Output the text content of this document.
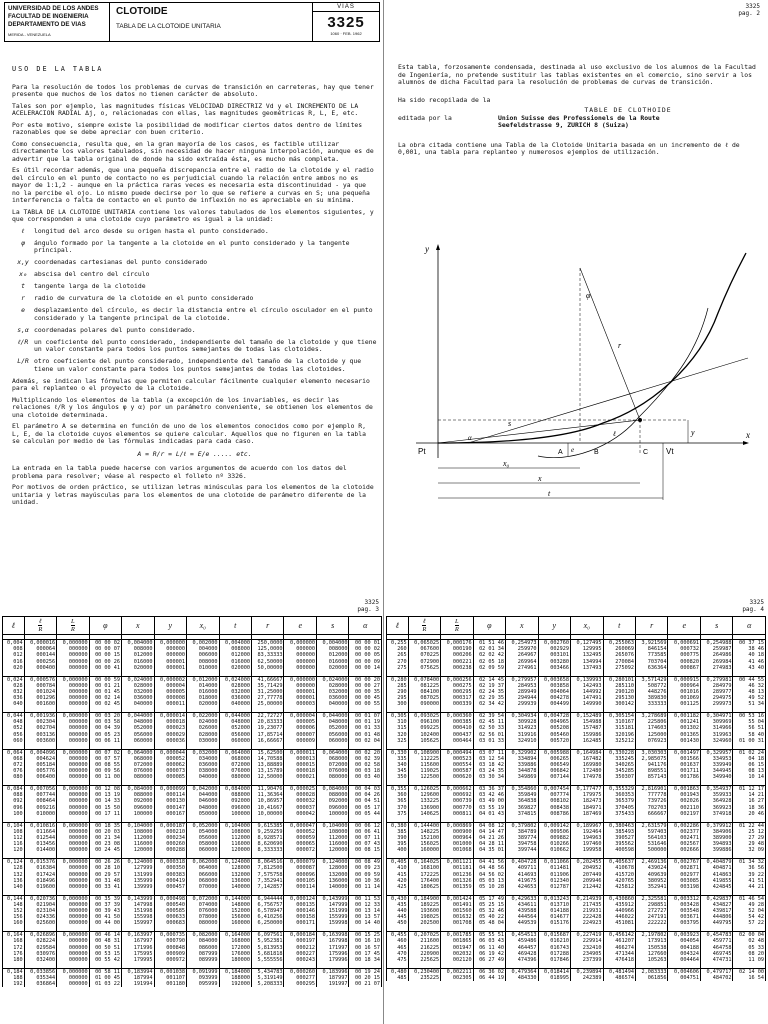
UNIVERSIDAD DE LOS ANDES
FACULTAD DE INGENIERIA
DEPARTAMENTO DE VIAS
MERIDA - VENEZUELA
CLOTOIDE
TABLA DE LA CLOTOIDE UNITARIA
VIAS
3325
1060 · FEB. 1962
USO DE LA TABLA

Para la resolución de todos los problemas de curvas de transición en carreteras, hay que tener presente que muchos de los datos no tienen carácter de absoluto.

Tales son por ejemplo, las magnitudes físicas VELOCIDAD DIRECTRIZ Vd y el INCREMENTO DE LA ACELERACION RADIAL Δj, o, relacionadas con ellas, las magnitudes geométricas R, L, E, etc.

Por este motivo, siempre existe la posibilidad de modificar ciertos datos dentro de límites razonables que se debe apreciar con buen criterio.

Como consecuencia, resulta que, en la gran mayoría de los casos, es factible utilizar directamente los valores tabulados, sin necesidad de hacer ninguna interpolación, aunque es de advertir que la tabla original de donde ha sido extraída ésta, es mucho más completa.

Es útil recordar además, que una pequeña discrepancia entre el radio de la clotoide y el radio del círculo en el punto de contacto no es perjudicial cuando la relación entre ambos no es mayor de 1:1,2 - aunque en la práctica raras veces es necesaria esta discontinuidad - ya que no la percibe el ojo. Lo mismo puede decirse por lo que se refiere a curvas en S; una pequeña interferencia o falta de contacto en el punto de inflexión no es apreciable en su mínima.

La TABLA DE LA CLOTOIDE UNITARIA contiene los valores tabulados de los elementos siguientes, y que corresponden a una clotoide cuyo parámetro es igual a la unidad:

ℓ	longitud del arco desde su origen hasta el punto considerado.
φ	ángulo formado por la tangente a la clotoide en el punto considerado y la tangente principal.
x,y coordenadas cartesianas del punto considerado
x₀	abscisa del centro del círculo
t	tangente larga de la clotoide
r	radio de curvatura de la clotoide en el punto considerado
e	desplazamiento del círculo, es decir la distancia entre el círculo osculador en el punto considerado y la tangente principal de la clotoide.
s,α coordenadas polares del punto considerado.
ℓ/R un coeficiente del punto considerado, independiente del tamaño de la clotoide y que tiene un valor constante para todos los puntos semejantes de todas las clotoides.
L/R otro coeficiente del punto considerado, independiente del tamaño de la clotoide y que tiene un valor constante para todos los puntos semejantes de todas las clotoides.

Además, se indican las fórmulas que permiten calcular fácilmente cualquier elemento necesario para el replanteo o el proyecto de la clotoide.

Multiplicando los elementos de la tabla (a excepción de los invariables, es decir las relaciones ℓ/R y los ángulos φ y α) por un parámetro conveniente, se obtienen los elementos de una clotoide determinada.

El parámetro A se determina en función de uno de los elementos conocidos como por ejemplo R, L, E, de la clotoide cuyos elementos se quiere calcular. Aquellos que no figuren en la tabla se calculan por medio de las fórmulas indicadas para cada caso.

A = R/r = L/ℓ = E/e ..... etc.

La entrada en la tabla puede hacerse con varios argumentos de acuerdo con los datos del problema para resolver; véase al respecto el folleto nº 3326.

Por motivos de orden práctico, se utilizan letras minúsculas para los elementos de la clotoide unitaria y letras mayúsculas para los elementos de una clotoide de parámetro diferente de la unidad.

3325
pag. 2

Esta tabla, forzosamente condensada, destinada al uso exclusivo de los alumnos de la Facultad de Ingeniería, no pretende sustituir las tablas existentes en el comercio, sino servir a los alumnos de dicha Facultad para la resolución de problemas de curvas de transición.

Ha sido recopilada de la

editada por la
TABLE DE CLOTHOIDE
Union Suisse des Professionels de la Route
Seefeldstrasse 9, ZURICH 8 (Suiza)

La obra citada contiene una Tabla de la Clotoide Unitaria basada en un incremento de ℓ de 0,001, una tabla para replanteo y numerosos ejemplos de utilización.

y
x
Pt	A	B	C Vt
x₀
x
t
s
y
r
φ
α
e
ℓ
3325
pag. 3
ℓ	$\frac{\text{ℓ}}{R}$	$\frac{L}{R}$	φ	x	y	x₀	t	r	e	s	α

0,004	0,000016	0,000000	00 00 02	0,004000	0,000000	0,002000	0,004000	250,0000	0,000000	0,004000	00 00 01
008	000064	000000	00 00 07	008000	000000	004000	008000	125,0000	000000	008000	00 00 02
012	000144	000000	00 00 15	012000	000000	006000	012000	83,33333	000000	012000	00 00 05
016	000256	000000	00 00 26	016000	000001	008000	016000	62,50000	000000	016000	00 00 09
020	000400	000000	00 00 41	020000	000001	010000	020000	50,00000	000000	020000	00 00 14

0,024	0,000576	0,000000	00 00 59	0,024000	0,000002	0,012000	0,024000	41,66667	0,000000	0,024000	00 00 20
028	000784	000000	00 01 21	028000	000004	014000	028000	35,71429	000000	028000	00 00 27
032	001024	000000	00 01 45	032000	000005	016000	032000	31,25000	000001	032000	00 00 35
036	001296	000000	00 02 14	036000	000008	018000	036000	27,77778	000001	036000	00 00 45
040	001600	000000	00 02 45	040000	000011	020000	040000	25,00000	000003	040000	00 00 55

0,044	0,001936	0,000000	00 03 20	0,044000	0,000014	0,022000	0,044000	22,72727	0,000004	0,044000	00 01 07
048	002304	000000	00 03 58	048000	000018	024000	048000	20,83333	000005	048000	00 01 19
052	002704	000000	00 04 39	052000	000023	026000	052000	19,23077	000006	052000	00 01 33
056	003136	000000	00 05 23	056000	000029	028000	056000	17,85714	000007	056000	00 01 48
060	003600	000000	00 06 11	060000	000036	030000	060000	16,66667	000009	060000	00 02 04

0,064	0,004096	0,000000	00 07 02	0,064000	0,000044	0,032000	0,064000	15,62500	0,000011	0,064000	00 02 20
068	004624	000000	00 07 57	068000	000052	034000	068000	14,70588	000013	068000	00 02 39
072	005184	000000	00 08 55	072000	000062	036000	072000	13,88889	000015	072000	00 02 58
076	005776	000000	00 09 56	076000	000073	038000	076000	13,15789	000018	076000	00 03 18
080	006400	000000	00 11 00	080000	000085	040000	080000	12,50000	000021	080000	00 03 40

0,084	0,007056	0,000000	00 12 08	0,084000	0,000099	0,042000	0,084000	11,90476	0,000025	0,084000	00 04 03
088	007744	000000	00 13 19	088000	000114	044000	088000	11,36364	000028	088000	00 04 26
092	008464	000000	00 14 33	092000	000130	046000	092000	10,86957	000032	092000	00 04 51
096	009216	000000	00 15 50	096000	000147	048000	096000	10,41667	000037	096000	00 05 17
100	010000	000000	00 17 11	100000	000167	050000	100000	10,00000	000042	100000	00 05 44

0,104	0,010816	0,000000	00 18 35	0,104000	0,000187	0,052000	0,104000	9,615385	0,000047	0,104000	00 06 12
108	011664	000000	00 20 03	108000	000210	054000	108000	9,259259	000052	108000	00 06 41
112	012544	000000	00 21 34	112000	000234	056000	112000	8,928571	000059	112000	00 07 11
116	013456	000000	00 23 08	116000	000260	058000	116000	8,620690	000065	116000	00 07 43
120	014400	000000	00 24 45	120000	000288	060000	120000	8,333333	000072	120000	00 08 15

0,124	0,015376	0,000000	00 26 26	0,124000	0,000318	0,062000	0,124000	8,064516	0,000079	0,124000	00 08 49
128	016384	000000	00 28 10	127999	000350	064000	128000	7,812500	000087	128000	00 09 23
132	017424	000000	00 29 57	131999	000383	066000	132000	7,575758	000096	132000	00 09 59
136	018496	000000	00 31 48	135999	000419	068000	136000	7,352941	000105	136000	00 10 36
140	019600	000000	00 33 41	139999	000457	070000	140000	7,142857	000114	140000	00 11 14

0,144	0,020736	0,000000	00 35 39	0,143999	0,000498	0,072000	0,144000	6,944444	0,000124	0,143999	00 11 53
148	021904	000000	00 37 39	147998	000540	074000	148000	6,756757	000135	147999	00 12 33
152	023104	000000	00 39 43	151998	000585	076000	152000	6,578947	000146	151999	00 13 14
156	024336	000000	00 41 50	155998	000633	078000	156000	6,410256	000158	155999	00 13 57
160	025600	000000	00 44 00	159997	000683	080000	160000	6,250000	000171	159998	00 14 40

0,164	0,026896	0,000000	00 46 14	0,163997	0,000735	0,082000	0,164000	6,097561	0,000184	0,163998	00 15 25
168	028224	000000	00 48 31	167997	000790	084000	168000	5,952381	000197	167998	00 16 10
172	029584	000000	00 50 51	171996	000848	086000	172000	5,813953	000212	171997	00 16 57
176	030976	000000	00 53 15	175995	000909	087999	176000	5,681818	000227	175996	00 17 45
180	032400	000000	00 55 42	179995	000972	089999	180000	5,555556	000243	179996	00 18 34

0,184	0,033856	0,000000	00 58 11	0,183994	0,001038	0,091999	0,184000	5,434783	0,000260	0,183996	00 19 24
188	035344	000000	01 00 45	187994	001107	093999	188000	5,319149	000277	187997	00 20 15
192	036864	000000	01 03 22	191994	001180	095999	192000	5,208333	000295	191997	00 21 07
3325
pag. 4
ℓ	$\frac{\text{ℓ}}{R}$	$\frac{L}{R}$	φ	x	y	x₀	t	r	e	s	α

0,255	0,065025	0,000176	01 51 46	0,254973	0,002760	0,127495	0,255063	3,921569	0,000691	0,254988	00 37 15
260	067600	000190	02 01 34	259970	002929	129995	260069	846154	000732	259987	38 46
265	070225	000206	02 02 42	264967	003101	132495	265076	773585	000775	264986	40 18
270	072900	000221	02 05 18	269964	003280	134994	270084	703704	000820	269984	41 46
275	075625	000238	02 09 59	274961	003466	137493	275092	636364	000867	274983	43 40

0,280	0,078400	0,000256	02 14 45	0,279957	0,003658	0,139993	0,280101	3,571429	0,000915	0,279981	00 44 55
285	081225	000275	02 19 37	284953	003858	142493	285110	508772	000964	284979	46 32
290	084100	000295	02 24 35	289949	004064	144992	290120	448276	001016	289977	48 13
295	087025	000317	02 29 35	294944	004278	147491	295130	389830	001069	294975	49 52
300	090000	000339	02 34 42	299939	004499	149990	300142	333333	001125	299973	51 34

0,305	0,093025	0,000360	02 39 54	0,304934	0,004728	0,152489	0,305154	3,278689	0,001182	0,304971	00 53 16
310	096100	000385	02 45 11	309928	004965	154988	310167	225806	001241	309969	55 04
315	099225	000410	02 50 33	314923	005208	157487	315181	174603	001302	314966	56 51
320	102400	000437	02 56 01	319916	005460	159986	320196	125000	001365	319963	58 40
325	105625	000464	03 01 33	324910	005720	162485	325212	076923	001430	324960	01 00 31

0,330	0,108900	0,000494	03 07 11	0,329902	0,005988	0,164984	0,330228	3,030303	0,001497	0,329957	01 02 24
335	112225	000523	03 12 54	334894	006265	167482	335245	2,985075	001566	334953	04 18
340	115600	000554	03 18 42	339886	006549	169980	340265	941176	001637	339949	06 15
345	119025	000587	03 24 35	344878	006842	172480	345285	898551	001711	344945	08 13
350	122500	000620	03 30 34	349869	007144	174978	350307	857143	001786	349940	10 14

0,355	0,126025	0,000662	03 36 37	0,354860	0,007454	0,177477	0,355329	2,816901	0,001863	0,354937	01 12 17
360	129600	000692	03 42 46	359849	007774	179975	360353	777778	001943	359933	14 21
365	133225	000739	03 49 00	364838	008102	182473	365379	739726	002026	364928	16 27
370	136900	000770	03 55 19	369827	008438	184971	370405	702703	002110	369923	18 36
375	140625	000811	04 01 43	374815	008786	187469	375433	666667	002197	374918	20 46

0,380	0,144400	0,000869	04 08 12	0,379802	0,009142	0,189967	0,380463	2,631579	0,002286	0,379912	01 22 44
385	148225	000900	04 14 47	384789	009506	192464	385493	597403	002377	384906	25 12
390	152100	000964	04 21 26	389774	009882	194963	390527	564103	002471	389900	27 29
395	156025	001000	04 28 11	394758	010266	197460	395562	531646	002567	394893	29 48
400	160000	001068	04 35 01	399744	010662	199958	400598	500000	002666	399886	32 09

0,405	0,164025	0,001121	04 41 56	0,404728	0,011066	0,202455	0,405637	2,469136	0,002767	0,404879	01 34 32
410	168100	001181	04 48 56	409711	011481	204952	410678	439024	002871	404871	36 56
415	172225	001236	04 56 02	414693	011906	207449	415720	409639	002977	414863	39 22
420	176400	001326	05 03 13	419675	012340	209946	420765	380952	003085	419855	41 51
425	180625	001359	05 10 28	424653	012787	212442	425812	352941	003198	424845	44 21

0,430	0,184900	0,001424	05 17 49	0,429633	0,013243	0,214939	0,430860	2,325581	0,003312	0,429837	01 46 54
435	189225	001491	05 25 15	434611	013710	217435	435912	298851	003428	434827	49 28
440	193600	001560	05 32 46	439588	014188	219931	440966	272727	003548	439817	52 04
445	198025	001632	05 40 22	444564	014677	222428	446022	247191	003671	444806	54 42
450	202500	001708	05 48 04	449539	015176	224923	451081	222222	003795	449795	57 22

0,455	0,207025	0,001785	05 55 51	0,454513	0,015687	0,227419	0,456142	2,197802	0,003923	0,454783	02 00 04
460	211600	001865	06 03 43	459486	016210	229914	461207	173913	004054	459771	02 48
465	216225	001947	06 11 40	464457	016743	232410	466274	150538	004188	464758	05 33
470	220900	002032	06 19 42	469428	017288	234905	471344	127660	004324	469745	08 20
475	225625	002120	06 27 49	474396	017846	237399	476418	105263	004464	474731	11 09

0,480	0,230400	0,002211	06 36 02	0,479364	0,018414	0,239894	0,481494	2,083333	0,004606	0,479717	02 14 00
485	235225	002305	06 44 19	484330	018995	242389	486574	061856	004751	484702	16 54
